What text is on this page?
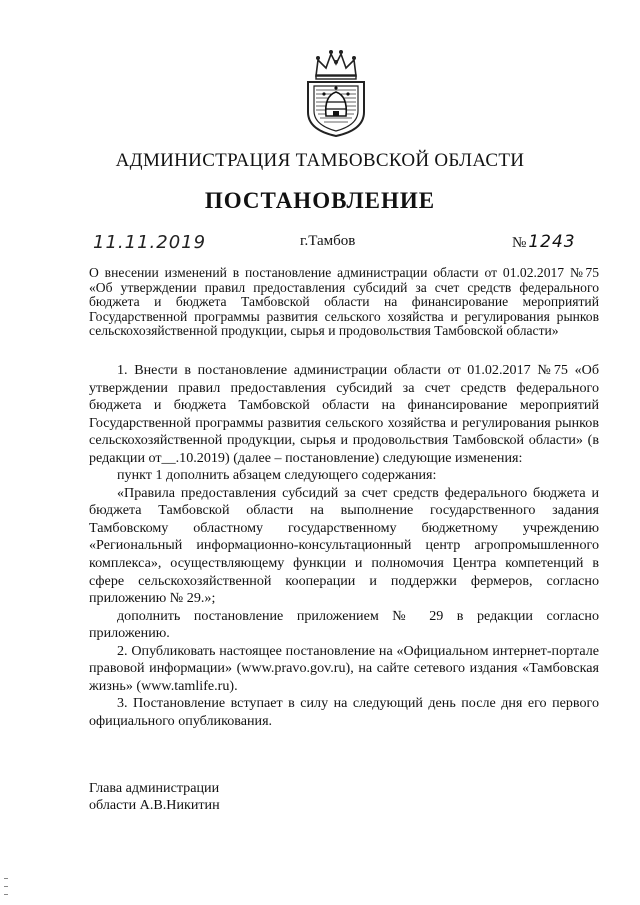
АДМИНИСТРАЦИЯ ТАМБОВСКОЙ ОБЛАСТИ
ПОСТАНОВЛЕНИЕ
11.11.2019	г.Тамбов	№ 1243
О внесении изменений в постановление администрации области от 01.02.2017 №75 «Об утверждении правил предоставления субсидий за счет средств федерального бюджета и бюджета Тамбовской области на финансирование мероприятий Государственной программы развития сельского хозяйства и регулирования рынков сельскохозяйственной продукции, сырья и продовольствия Тамбовской области»

1. Внести в постановление администрации области от 01.02.2017 №75 «Об утверждении правил предоставления субсидий за счет средств федерального бюджета и бюджета Тамбовской области на финансирование мероприятий Государственной программы развития сельского хозяйства и регулирования рынков сельскохозяйственной продукции, сырья и продовольствия Тамбовской области» (в редакции от__.10.2019) (далее – постановление) следующие изменения:

пункт 1 дополнить абзацем следующего содержания:

«Правила предоставления субсидий за счет средств федерального бюджета и бюджета Тамбовской области на выполнение государственного задания Тамбовскому областному государственному бюджетному учреждению «Региональный информационно-консультационный центр агропромышленного комплекса», осуществляющему функции и полномочия Центра компетенций в сфере сельскохозяйственной кооперации и поддержки фермеров, согласно приложению № 29.»;

дополнить постановление приложением № 29 в редакции согласно приложению.

2. Опубликовать настоящее постановление на «Официальном интернет-портале правовой информации» (www.pravo.gov.ru), на сайте сетевого издания «Тамбовская жизнь» (www.tamlife.ru).

3. Постановление вступает в силу на следующий день после дня его первого официального опубликования.

Глава администрации
области А.В.Никитин
